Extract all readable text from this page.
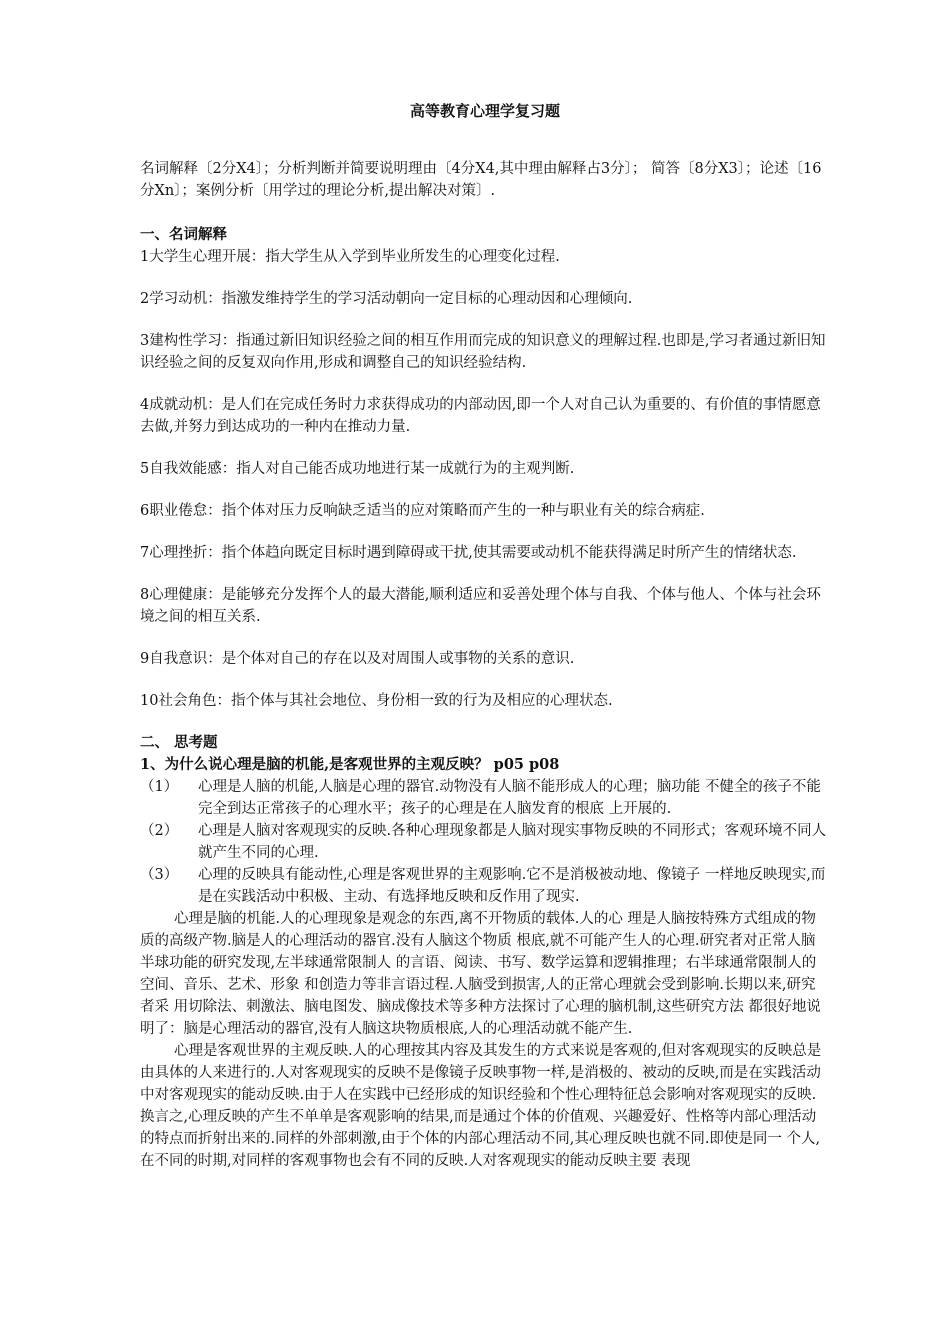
高等教育心理学复习题

名词解释〔2分X4〕；分析判断并简要说明理由〔4分X4,其中理由解释占3分〕； 简答〔8分X3〕；论述〔16分Xn〕；案例分析〔用学过的理论分析,提出解决对策〕.

一、名词解释

1大学生心理开展：指大学生从入学到毕业所发生的心理变化过程.

2学习动机：指激发维持学生的学习活动朝向一定目标的心理动因和心理倾向.

3建构性学习：指通过新旧知识经验之间的相互作用而完成的知识意义的理解过程.也即是,学习者通过新旧知识经验之间的反复双向作用,形成和调整自己的知识经验结构.

4成就动机：是人们在完成任务时力求获得成功的内部动因,即一个人对自己认为重要的、有价值的事情愿意去做,并努力到达成功的一种内在推动力量.

5自我效能感：指人对自己能否成功地进行某一成就行为的主观判断.

6职业倦怠：指个体对压力反响缺乏适当的应对策略而产生的一种与职业有关的综合病症.

7心理挫折：指个体趋向既定目标时遇到障碍或干扰,使其需要或动机不能获得满足时所产生的情绪状态.

8心理健康：是能够充分发挥个人的最大潜能,顺利适应和妥善处理个体与自我、个体与他人、个体与社会环境之间的相互关系.

9自我意识：是个体对自己的存在以及对周围人或事物的关系的意识.

10社会角色：指个体与其社会地位、身份相一致的行为及相应的心理状态.

二、 思考题

1、为什么说心理是脑的机能,是客观世界的主观反映？ p05 p08

（1）	心理是人脑的机能,人脑是心理的器官.动物没有人脑不能形成人的心理；脑功能 不健全的孩子不能完全到达正常孩子的心理水平；孩子的心理是在人脑发育的根底 上开展的.
（2）	心理是人脑对客观现实的反映.各种心理现象都是人脑对现实事物反映的不同形式；客观环境不同人就产生不同的心理.
（3）	心理的反映具有能动性,心理是客观世界的主观影响.它不是消极被动地、像镜子 一样地反映现实,而是在实践活动中积极、主动、有选择地反映和反作用了现实.

心理是脑的机能.人的心理现象是观念的东西,离不开物质的载体.人的心 理是人脑按特殊方式组成的物质的高级产物.脑是人的心理活动的器官.没有人脑这个物质 根底,就不可能产生人的心理.研究者对正常人脑半球功能的研究发现,左半球通常限制人 的言语、阅读、书写、数学运算和逻辑推理；右半球通常限制人的空间、音乐、艺术、形象 和创造力等非言语过程.人脑受到损害,人的正常心理就会受到影响.长期以来,研究者采 用切除法、刺激法、脑电图发、脑成像技术等多种方法探讨了心理的脑机制,这些研究方法 都很好地说明了：脑是心理活动的器官,没有人脑这块物质根底,人的心理活动就不能产生.

心理是客观世界的主观反映.人的心理按其内容及其发生的方式来说是客观的,但对客观现实的反映总是由具体的人来进行的.人对客观现实的反映不是像镜子反映事物一样,是消极的、被动的反映,而是在实践活动中对客观现实的能动反映.由于人在实践中已经形成的知识经验和个性心理特征总会影响对客观现实的反映.换言之,心理反映的产生不单单是客观影响的结果,而是通过个体的价值观、兴趣爱好、性格等内部心理活动的特点而折射出来的.同样的外部刺激,由于个体的内部心理活动不同,其心理反映也就不同.即使是同一 个人,在不同的时期,对同样的客观事物也会有不同的反映.人对客观现实的能动反映主要 表现
